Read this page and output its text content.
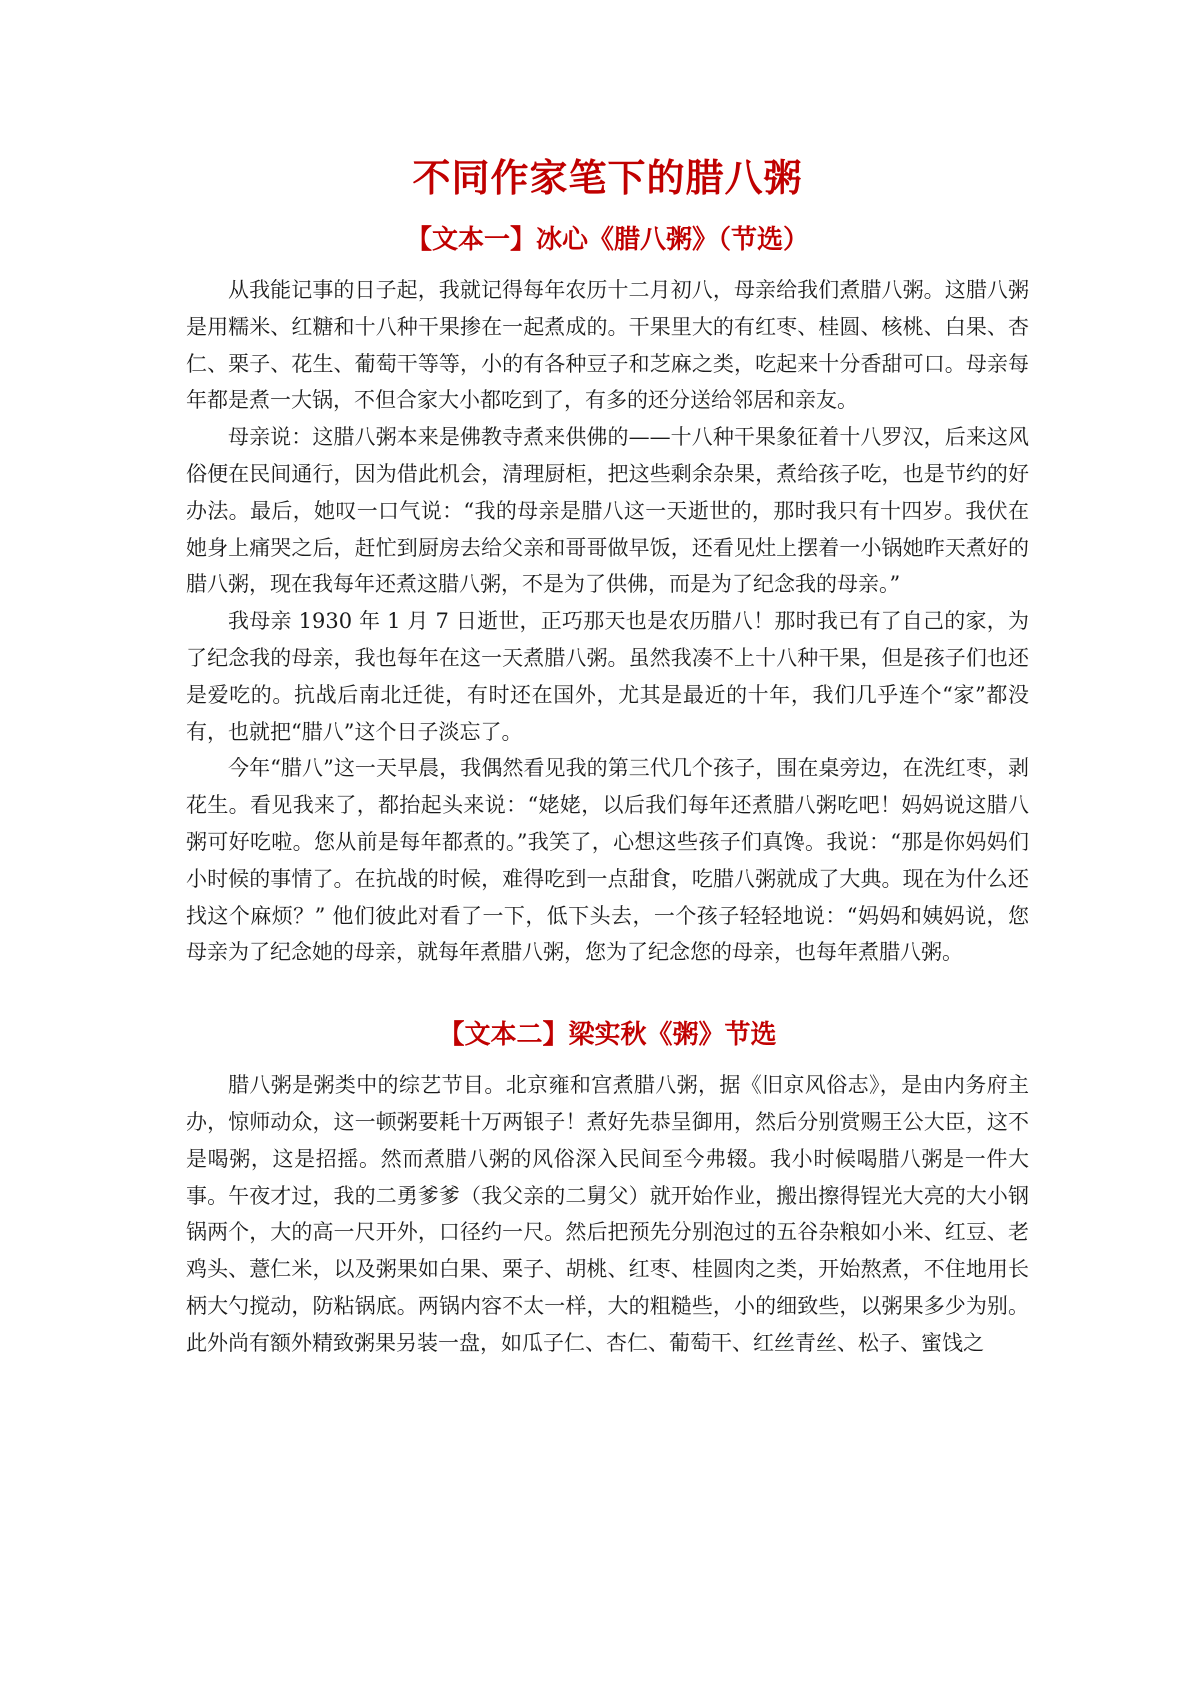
不同作家笔下的腊八粥
【文本一】冰心《腊八粥》（节选）

从我能记事的日子起，我就记得每年农历十二月初八，母亲给我们煮腊八粥。这腊八粥是用糯米、红糖和十八种干果掺在一起煮成的。干果里大的有红枣、桂圆、核桃、白果、杏仁、栗子、花生、葡萄干等等，小的有各种豆子和芝麻之类，吃起来十分香甜可口。母亲每年都是煮一大锅，不但合家大小都吃到了，有多的还分送给邻居和亲友。

母亲说：这腊八粥本来是佛教寺煮来供佛的——十八种干果象征着十八罗汉，后来这风俗便在民间通行，因为借此机会，清理厨柜，把这些剩余杂果，煮给孩子吃，也是节约的好办法。最后，她叹一口气说：“我的母亲是腊八这一天逝世的，那时我只有十四岁。我伏在她身上痛哭之后，赶忙到厨房去给父亲和哥哥做早饭，还看见灶上摆着一小锅她昨天煮好的腊八粥，现在我每年还煮这腊八粥，不是为了供佛，而是为了纪念我的母亲。”

我母亲 1930 年 1 月 7 日逝世，正巧那天也是农历腊八！那时我已有了自己的家，为了纪念我的母亲，我也每年在这一天煮腊八粥。虽然我凑不上十八种干果，但是孩子们也还是爱吃的。抗战后南北迁徙，有时还在国外，尤其是最近的十年，我们几乎连个“家”都没有，也就把“腊八”这个日子淡忘了。

今年“腊八”这一天早晨，我偶然看见我的第三代几个孩子，围在桌旁边，在洗红枣，剥花生。看见我来了，都抬起头来说：“姥姥，以后我们每年还煮腊八粥吃吧！妈妈说这腊八粥可好吃啦。您从前是每年都煮的。”我笑了，心想这些孩子们真馋。我说：“那是你妈妈们小时候的事情了。在抗战的时候，难得吃到一点甜食，吃腊八粥就成了大典。现在为什么还找这个麻烦？” 他们彼此对看了一下，低下头去，一个孩子轻轻地说：“妈妈和姨妈说，您母亲为了纪念她的母亲，就每年煮腊八粥，您为了纪念您的母亲，也每年煮腊八粥。

【文本二】梁实秋《粥》节选

腊八粥是粥类中的综艺节目。北京雍和宫煮腊八粥，据《旧京风俗志》，是由内务府主办，惊师动众，这一顿粥要耗十万两银子！煮好先恭呈御用，然后分别赏赐王公大臣，这不是喝粥，这是招摇。然而煮腊八粥的风俗深入民间至今弗辍。我小时候喝腊八粥是一件大事。午夜才过，我的二勇爹爹（我父亲的二舅父）就开始作业，搬出擦得锃光大亮的大小钢锅两个，大的高一尺开外，口径约一尺。然后把预先分别泡过的五谷杂粮如小米、红豆、老鸡头、薏仁米，以及粥果如白果、栗子、胡桃、红枣、桂圆肉之类，开始熬煮，不住地用长柄大勺搅动，防粘锅底。两锅内容不太一样，大的粗糙些，小的细致些，以粥果多少为别。此外尚有额外精致粥果另装一盘，如瓜子仁、杏仁、葡萄干、红丝青丝、松子、蜜饯之
